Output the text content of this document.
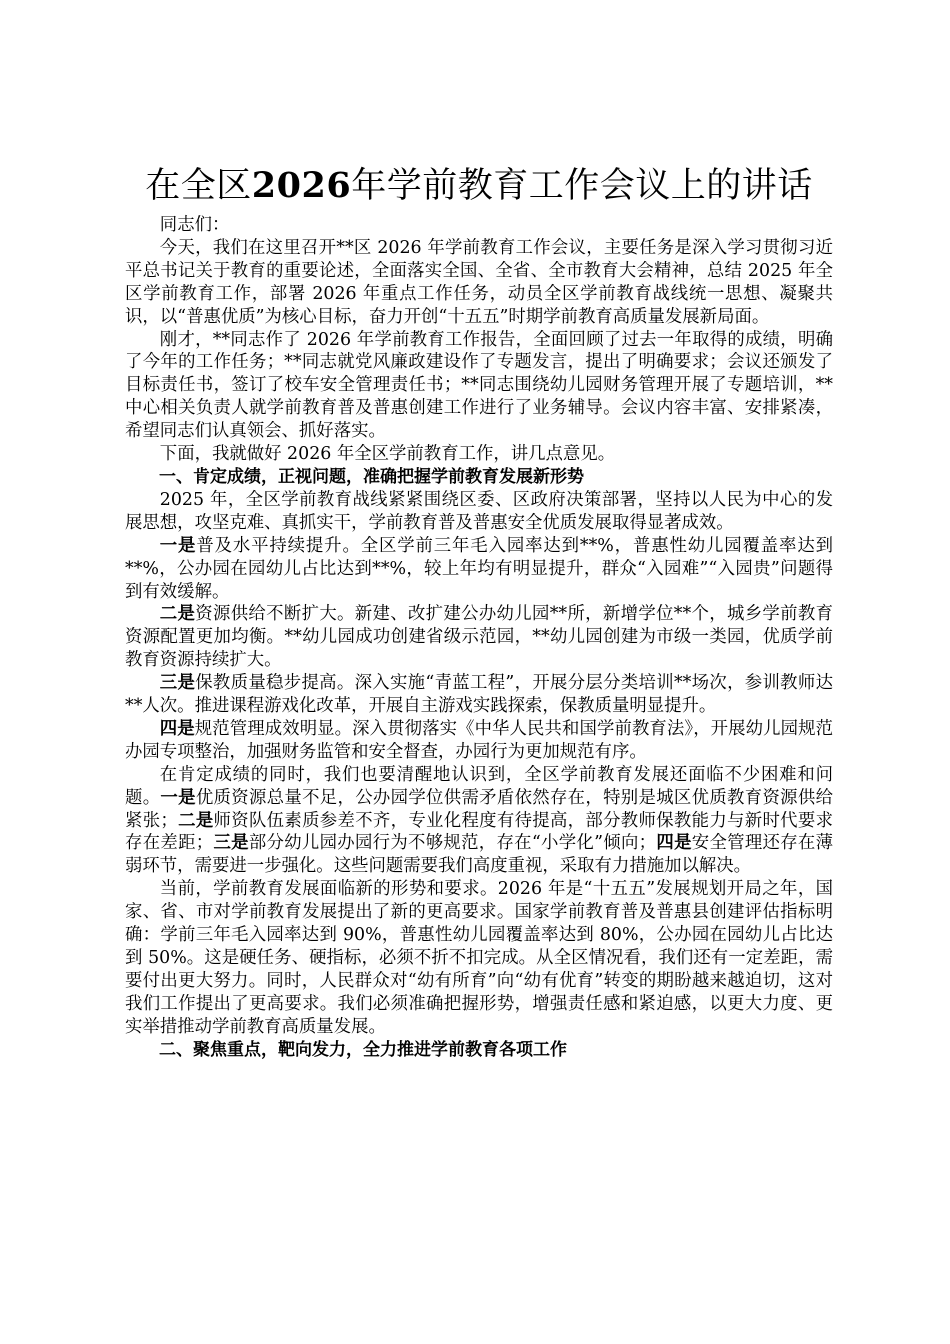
在全区2026年学前教育工作会议上的讲话

同志们：

今天，我们在这里召开**区 2026 年学前教育工作会议，主要任务是深入学习贯彻习近平总书记关于教育的重要论述，全面落实全国、全省、全市教育大会精神，总结 2025 年全区学前教育工作，部署 2026 年重点工作任务，动员全区学前教育战线统一思想、凝聚共识，以“普惠优质”为核心目标，奋力开创“十五五”时期学前教育高质量发展新局面。

刚才，**同志作了 2026 年学前教育工作报告，全面回顾了过去一年取得的成绩，明确了今年的工作任务；**同志就党风廉政建设作了专题发言，提出了明确要求；会议还颁发了目标责任书，签订了校车安全管理责任书；**同志围绕幼儿园财务管理开展了专题培训，**中心相关负责人就学前教育普及普惠创建工作进行了业务辅导。会议内容丰富、安排紧凑，希望同志们认真领会、抓好落实。

下面，我就做好 2026 年全区学前教育工作，讲几点意见。

一、肯定成绩，正视问题，准确把握学前教育发展新形势

2025 年，全区学前教育战线紧紧围绕区委、区政府决策部署，坚持以人民为中心的发展思想，攻坚克难、真抓实干，学前教育普及普惠安全优质发展取得显著成效。

一是普及水平持续提升。全区学前三年毛入园率达到**%，普惠性幼儿园覆盖率达到**%，公办园在园幼儿占比达到**%，较上年均有明显提升，群众“入园难”“入园贵”问题得到有效缓解。

二是资源供给不断扩大。新建、改扩建公办幼儿园**所，新增学位**个，城乡学前教育资源配置更加均衡。**幼儿园成功创建省级示范园，**幼儿园创建为市级一类园，优质学前教育资源持续扩大。

三是保教质量稳步提高。深入实施“青蓝工程”，开展分层分类培训**场次，参训教师达**人次。推进课程游戏化改革，开展自主游戏实践探索，保教质量明显提升。

四是规范管理成效明显。深入贯彻落实《中华人民共和国学前教育法》，开展幼儿园规范办园专项整治，加强财务监管和安全督查，办园行为更加规范有序。

在肯定成绩的同时，我们也要清醒地认识到，全区学前教育发展还面临不少困难和问题。一是优质资源总量不足，公办园学位供需矛盾依然存在，特别是城区优质教育资源供给紧张；二是师资队伍素质参差不齐，专业化程度有待提高，部分教师保教能力与新时代要求存在差距；三是部分幼儿园办园行为不够规范，存在“小学化”倾向；四是安全管理还存在薄弱环节，需要进一步强化。这些问题需要我们高度重视，采取有力措施加以解决。

当前，学前教育发展面临新的形势和要求。2026 年是“十五五”发展规划开局之年，国家、省、市对学前教育发展提出了新的更高要求。国家学前教育普及普惠县创建评估指标明确：学前三年毛入园率达到 90%，普惠性幼儿园覆盖率达到 80%，公办园在园幼儿占比达到 50%。这是硬任务、硬指标，必须不折不扣完成。从全区情况看，我们还有一定差距，需要付出更大努力。同时，人民群众对“幼有所育”向“幼有优育”转变的期盼越来越迫切，这对我们工作提出了更高要求。我们必须准确把握形势，增强责任感和紧迫感，以更大力度、更实举措推动学前教育高质量发展。

二、聚焦重点，靶向发力，全力推进学前教育各项工作
